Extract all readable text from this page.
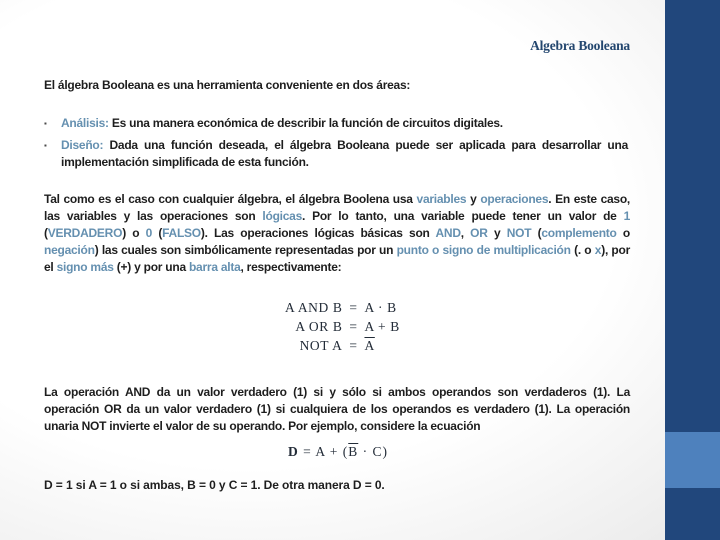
Algebra Booleana
El álgebra Booleana es una herramienta conveniente en dos áreas:
▪	Análisis: Es una manera económica de describir la función de circuitos digitales.
▪	Diseño: Dada una función deseada, el álgebra Booleana puede ser aplicada para desarrollar una implementación simplificada de esta función.
Tal como es el caso con cualquier álgebra, el álgebra Boolena usa variables y operaciones. En este caso, las variables y las operaciones son lógicas. Por lo tanto, una variable puede tener un valor de 1 (VERDADERO) o 0 (FALSO). Las operaciones lógicas básicas son AND, OR y NOT (complemento o negación) las cuales son simbólicamente representadas por un punto o signo de multiplicación (. o x), por el signo más (+) y por una barra alta, respectivamente:
A AND B = A · B
A OR B = A + B
NOT $A = \overline{A}$
La operación AND da un valor verdadero (1) si y sólo si ambos operandos son verdaderos (1). La operación OR da un valor verdadero (1) si cualquiera de los operandos es verdadero (1). La operación unaria NOT invierte el valor de su operando. Por ejemplo, considere la ecuación
$D = A + (\overline{B} \cdot C)$
D = 1 si A = 1 o si ambas, B = 0 y C = 1. De otra manera D = 0.
